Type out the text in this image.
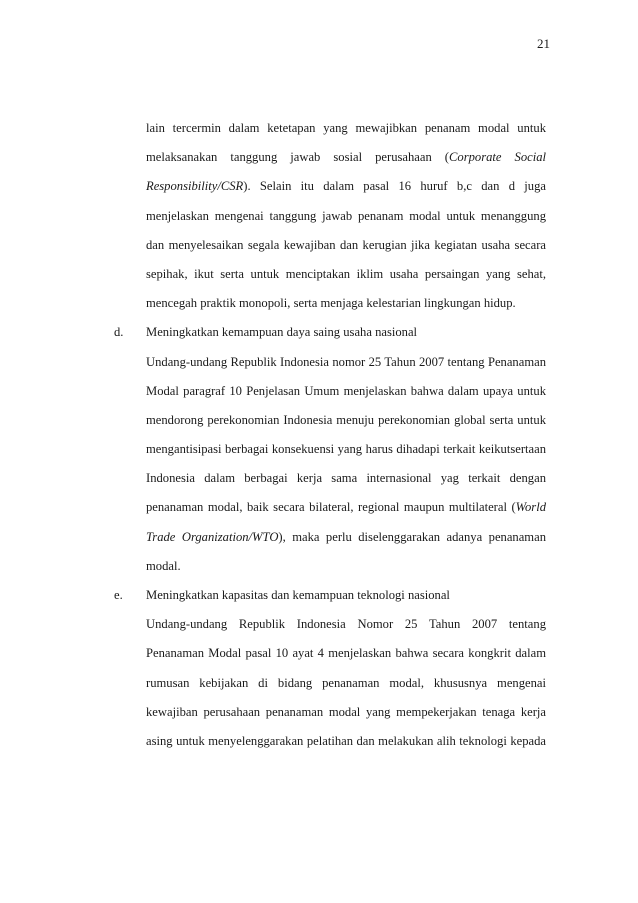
21
lain tercermin dalam ketetapan yang mewajibkan penanam modal untuk
melaksanakan tanggung jawab sosial perusahaan (Corporate Social
Responsibility/CSR). Selain itu dalam pasal 16 huruf b,c dan d juga
menjelaskan mengenai tanggung jawab penanam modal untuk menanggung
dan menyelesaikan segala kewajiban dan kerugian jika kegiatan usaha secara
sepihak, ikut serta untuk menciptakan iklim usaha persaingan yang sehat,
mencegah praktik monopoli, serta menjaga kelestarian lingkungan hidup.
d. Meningkatkan kemampuan daya saing usaha nasional
Undang-undang Republik Indonesia nomor 25 Tahun 2007 tentang Penanaman
Modal paragraf 10 Penjelasan Umum menjelaskan bahwa dalam upaya untuk
mendorong perekonomian Indonesia menuju perekonomian global serta untuk
mengantisipasi berbagai konsekuensi yang harus dihadapi terkait keikutsertaan
Indonesia dalam berbagai kerja sama internasional yag terkait dengan
penanaman modal, baik secara bilateral, regional maupun multilateral (World
Trade Organization/WTO), maka perlu diselenggarakan adanya penanaman
modal.
e. Meningkatkan kapasitas dan kemampuan teknologi nasional
Undang-undang Republik Indonesia Nomor 25 Tahun 2007 tentang
Penanaman Modal pasal 10 ayat 4 menjelaskan bahwa secara kongkrit dalam
rumusan kebijakan di bidang penanaman modal, khususnya mengenai
kewajiban perusahaan penanaman modal yang mempekerjakan tenaga kerja
asing untuk menyelenggarakan pelatihan dan melakukan alih teknologi kepada
